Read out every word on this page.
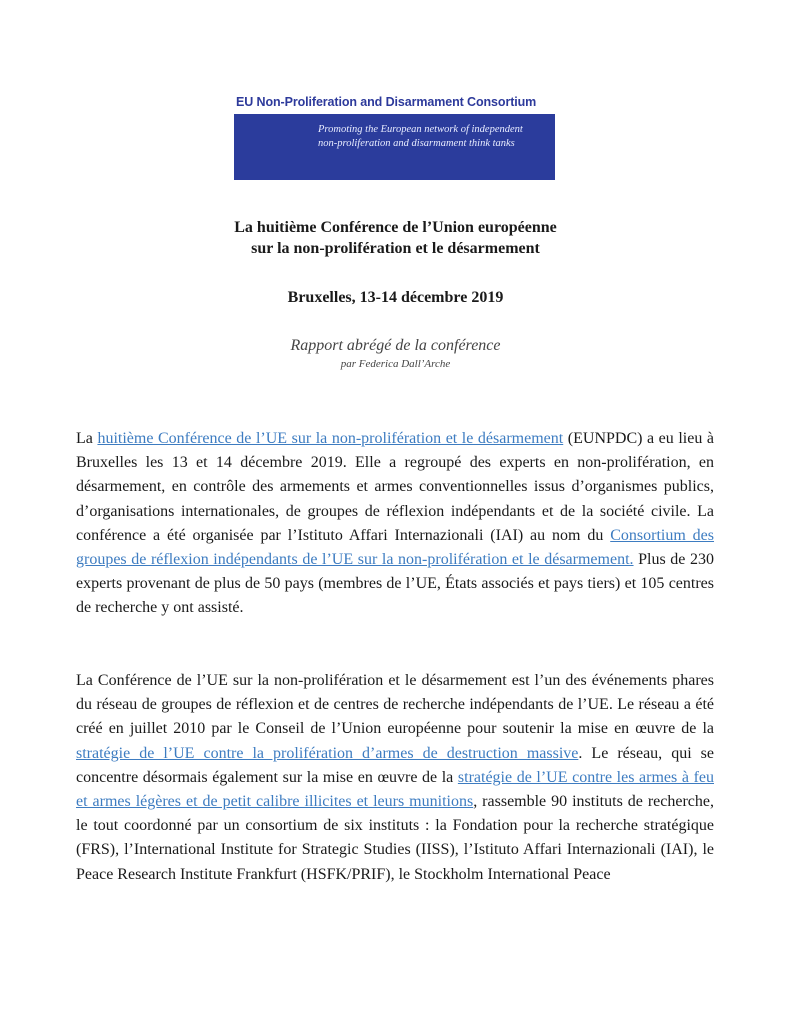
EU Non-Proliferation and Disarmament Consortium
Promoting the European network of independent
non-proliferation and disarmament think tanks
La huitième Conférence de l’Union européenne
sur la non-prolifération et le désarmement
Bruxelles, 13-14 décembre 2019
Rapport abrégé de la conférence
par Federica Dall’Arche

La huitième Conférence de l’UE sur la non-prolifération et le désarmement (EUNPDC) a eu lieu à Bruxelles les 13 et 14 décembre 2019. Elle a regroupé des experts en non-prolifération, en désarmement, en contrôle des armements et armes conventionnelles issus d’organismes publics, d’organisations internationales, de groupes de réflexion indépendants et de la société civile. La conférence a été organisée par l’Istituto Affari Internazionali (IAI) au nom du Consortium des groupes de réflexion indépendants de l’UE sur la non-prolifération et le désarmement. Plus de 230 experts provenant de plus de 50 pays (membres de l’UE, États associés et pays tiers) et 105 centres de recherche y ont assisté.

La Conférence de l’UE sur la non-prolifération et le désarmement est l’un des événements phares du réseau de groupes de réflexion et de centres de recherche indépendants de l’UE. Le réseau a été créé en juillet 2010 par le Conseil de l’Union européenne pour soutenir la mise en œuvre de la stratégie de l’UE contre la prolifération d’armes de destruction massive. Le réseau, qui se concentre désormais également sur la mise en œuvre de la stratégie de l’UE contre les armes à feu et armes légères et de petit calibre illicites et leurs munitions, rassemble 90 instituts de recherche, le tout coordonné par un consortium de six instituts : la Fondation pour la recherche stratégique (FRS), l’International Institute for Strategic Studies (IISS), l’Istituto Affari Internazionali (IAI), le Peace Research Institute Frankfurt (HSFK/PRIF), le Stockholm International Peace
